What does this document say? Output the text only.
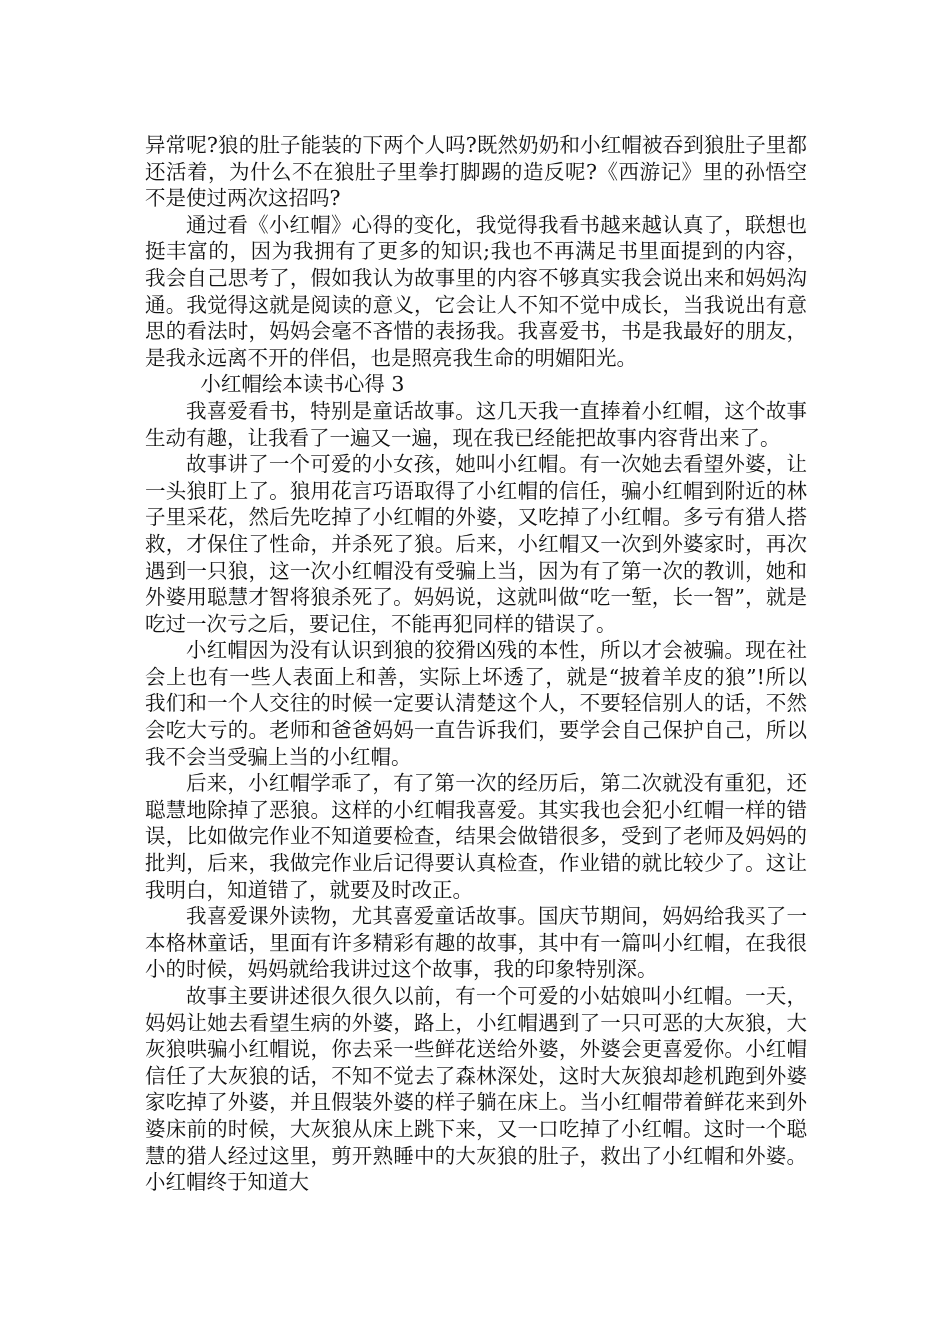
异常呢?狼的肚子能装的下两个人吗?既然奶奶和小红帽被吞到狼肚子里都还活着，为什么不在狼肚子里拳打脚踢的造反呢?《西游记》里的孙悟空不是使过两次这招吗?

通过看《小红帽》心得的变化，我觉得我看书越来越认真了，联想也挺丰富的，因为我拥有了更多的知识;我也不再满足书里面提到的内容，我会自己思考了，假如我认为故事里的内容不够真实我会说出来和妈妈沟通。我觉得这就是阅读的意义，它会让人不知不觉中成长，当我说出有意思的看法时，妈妈会毫不吝惜的表扬我。我喜爱书，书是我最好的朋友，是我永远离不开的伴侣，也是照亮我生命的明媚阳光。

小红帽绘本读书心得 3

我喜爱看书，特别是童话故事。这几天我一直捧着小红帽，这个故事生动有趣，让我看了一遍又一遍，现在我已经能把故事内容背出来了。

故事讲了一个可爱的小女孩，她叫小红帽。有一次她去看望外婆，让一头狼盯上了。狼用花言巧语取得了小红帽的信任，骗小红帽到附近的林子里采花，然后先吃掉了小红帽的外婆，又吃掉了小红帽。多亏有猎人搭救，才保住了性命，并杀死了狼。后来，小红帽又一次到外婆家时，再次遇到一只狼，这一次小红帽没有受骗上当，因为有了第一次的教训，她和外婆用聪慧才智将狼杀死了。妈妈说，这就叫做“吃一堑，长一智”，就是吃过一次亏之后，要记住，不能再犯同样的错误了。

小红帽因为没有认识到狼的狡猾凶残的本性，所以才会被骗。现在社会上也有一些人表面上和善，实际上坏透了，就是“披着羊皮的狼”!所以我们和一个人交往的时候一定要认清楚这个人，不要轻信别人的话，不然会吃大亏的。老师和爸爸妈妈一直告诉我们，要学会自己保护自己，所以我不会当受骗上当的小红帽。

后来，小红帽学乖了，有了第一次的经历后，第二次就没有重犯，还聪慧地除掉了恶狼。这样的小红帽我喜爱。其实我也会犯小红帽一样的错误，比如做完作业不知道要检查，结果会做错很多，受到了老师及妈妈的批判，后来，我做完作业后记得要认真检查，作业错的就比较少了。这让我明白，知道错了，就要及时改正。

我喜爱课外读物，尤其喜爱童话故事。国庆节期间，妈妈给我买了一本格林童话，里面有许多精彩有趣的故事，其中有一篇叫小红帽，在我很小的时候，妈妈就给我讲过这个故事，我的印象特别深。

故事主要讲述很久很久以前，有一个可爱的小姑娘叫小红帽。一天，妈妈让她去看望生病的外婆，路上，小红帽遇到了一只可恶的大灰狼，大灰狼哄骗小红帽说，你去采一些鲜花送给外婆，外婆会更喜爱你。小红帽信任了大灰狼的话，不知不觉去了森林深处，这时大灰狼却趁机跑到外婆家吃掉了外婆，并且假装外婆的样子躺在床上。当小红帽带着鲜花来到外婆床前的时候，大灰狼从床上跳下来，又一口吃掉了小红帽。这时一个聪慧的猎人经过这里，剪开熟睡中的大灰狼的肚子，救出了小红帽和外婆。小红帽终于知道大
